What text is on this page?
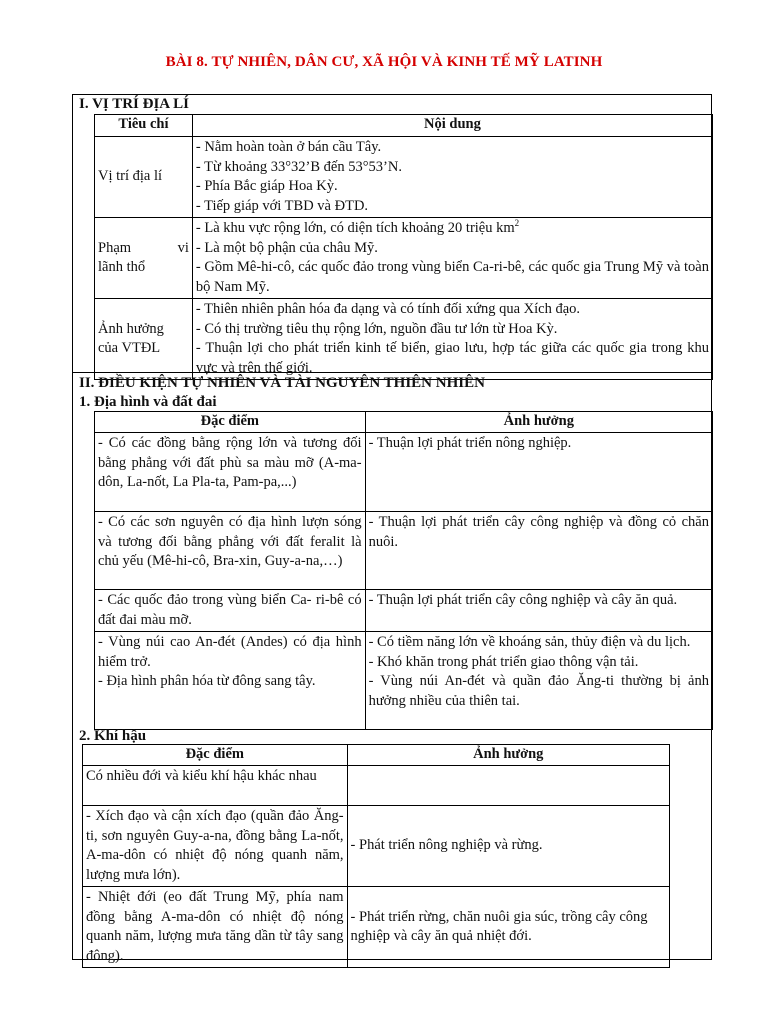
BÀI 8. TỰ NHIÊN, DÂN CƯ, XÃ HỘI VÀ KINH TẾ MỸ LATINH
I. VỊ TRÍ ĐỊA LÍ
Tiêu chí	Nội dung
Vị trí địa lí	- Nằm hoàn toàn ở bán cầu Tây.
- Từ khoảng 33°32’B đến 53°53’N.
- Phía Bắc giáp Hoa Kỳ.
- Tiếp giáp với TBD và ĐTD.

Phạm vi
lãnh thổ	- Là khu vực rộng lớn, có diện tích khoảng 20 triệu $km^2$
- Là một bộ phận của châu Mỹ.
- Gồm Mê-hi-cô, các quốc đảo trong vùng biển Ca-ri-bê, các quốc gia Trung Mỹ và toàn bộ Nam Mỹ.

Ảnh hưởng
của VTĐL	- Thiên nhiên phân hóa đa dạng và có tính đối xứng qua Xích đạo.
- Có thị trường tiêu thụ rộng lớn, nguồn đầu tư lớn từ Hoa Kỳ.
- Thuận lợi cho phát triển kinh tế biển, giao lưu, hợp tác giữa các quốc gia trong khu vực và trên thế giới.
II. ĐIỀU KIỆN TỰ NHIÊN VÀ TÀI NGUYÊN THIÊN NHIÊN
1. Địa hình và đất đai
Đặc điểm	Ảnh hưởng
- Có các đồng bằng rộng lớn và tương đối bằng phẳng với đất phù sa màu mỡ (A-ma-dôn, La-nốt, La Pla-ta, Pam-pa,...)	- Thuận lợi phát triển nông nghiệp.

- Có các sơn nguyên có địa hình lượn sóng và tương đối bằng phẳng với đất feralit là chủ yếu (Mê-hi-cô, Bra-xin, Guy-a-na,…)	- Thuận lợi phát triển cây công nghiệp và đồng cỏ chăn nuôi.

- Các quốc đảo trong vùng biển Ca- ri-bê có đất đai màu mỡ.	- Thuận lợi phát triển cây công nghiệp và cây ăn quả.

- Vùng núi cao An-đét (Andes) có địa hình hiểm trở.
- Địa hình phân hóa từ đông sang tây.	- Có tiềm năng lớn về khoáng sản, thủy điện và du lịch.
- Khó khăn trong phát triển giao thông vận tải.
- Vùng núi An-đét và quần đảo Ăng-ti thường bị ảnh hưởng nhiều của thiên tai.
2. Khí hậu
Đặc điểm	Ảnh hưởng
Có nhiều đới và kiểu khí hậu khác nhau	
- Xích đạo và cận xích đạo (quần đảo Ăng-ti, sơn nguyên Guy-a-na, đồng bằng La-nốt, A-ma-dôn có nhiệt độ nóng quanh năm, lượng mưa lớn).	- Phát triển nông nghiệp và rừng.
- Nhiệt đới (eo đất Trung Mỹ, phía nam đồng bằng A-ma-dôn có nhiệt độ nóng quanh năm, lượng mưa tăng dần từ tây sang đông).	- Phát triển rừng, chăn nuôi gia súc, trồng cây công nghiệp và cây ăn quả nhiệt đới.
